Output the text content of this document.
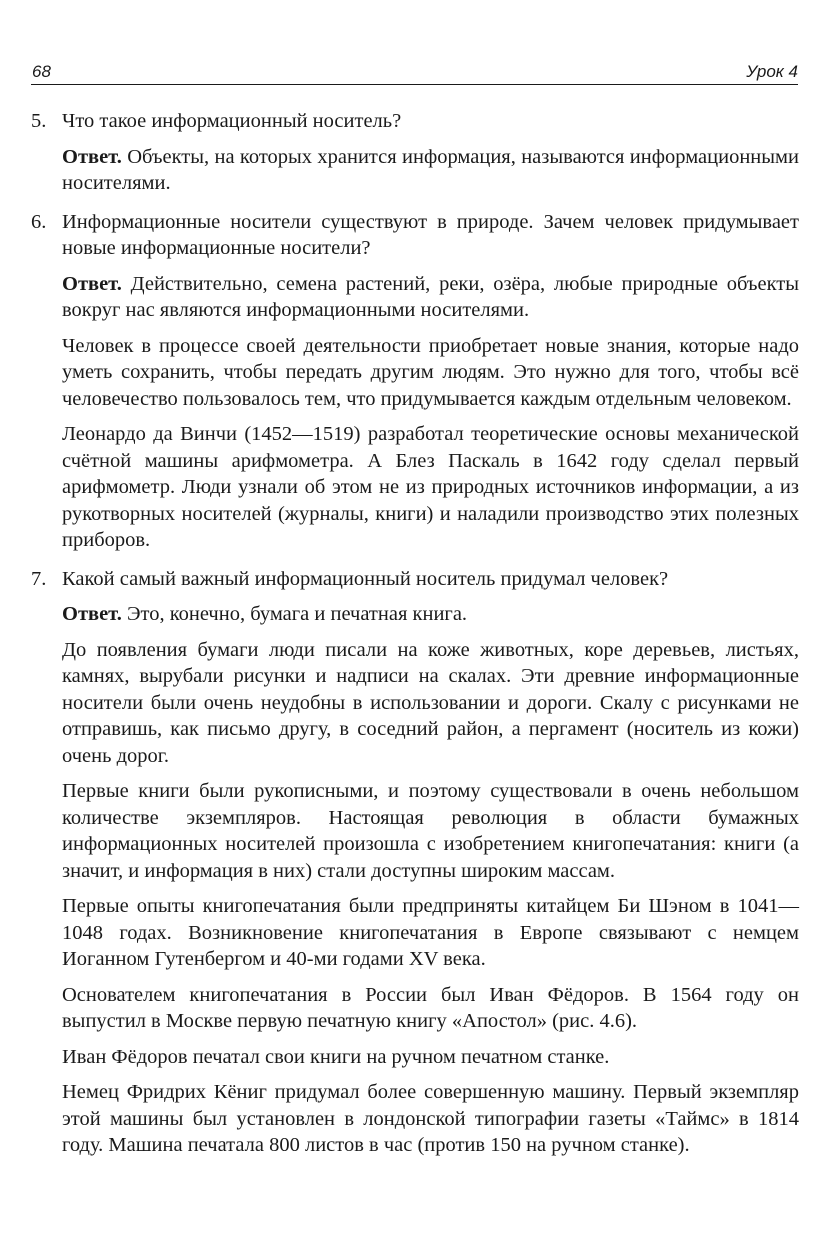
68	Урок 4
5. Что такое информационный носитель?
Ответ. Объекты, на которых хранится информация, называются информационными носителями.
6. Информационные носители существуют в природе. Зачем человек придумывает новые информационные носители?
Ответ. Действительно, семена растений, реки, озёра, любые природные объекты вокруг нас являются информационными носителями.
Человек в процессе своей деятельности приобретает новые знания, которые надо уметь сохранить, чтобы передать другим людям. Это нужно для того, чтобы всё человечество пользовалось тем, что придумывается каждым отдельным человеком.
Леонардо да Винчи (1452—1519) разработал теоретические основы механической счётной машины арифмометра. А Блез Паскаль в 1642 году сделал первый арифмометр. Люди узнали об этом не из природных источников информации, а из рукотворных носителей (журналы, книги) и наладили производство этих полезных приборов.
7. Какой самый важный информационный носитель придумал человек?
Ответ. Это, конечно, бумага и печатная книга.
До появления бумаги люди писали на коже животных, коре деревьев, листьях, камнях, вырубали рисунки и надписи на скалах. Эти древние информационные носители были очень неудобны в использовании и дороги. Скалу с рисунками не отправишь, как письмо другу, в соседний район, а пергамент (носитель из кожи) очень дорог.
Первые книги были рукописными, и поэтому существовали в очень небольшом количестве экземпляров. Настоящая революция в области бумажных информационных носителей произошла с изобретением книгопечатания: книги (а значит, и информация в них) стали доступны широким массам.
Первые опыты книгопечатания были предприняты китайцем Би Шэном в 1041—1048 годах. Возникновение книгопечатания в Европе связывают с немцем Иоганном Гутенбергом и 40-ми годами XV века.
Основателем книгопечатания в России был Иван Фёдоров. В 1564 году он выпустил в Москве первую печатную книгу «Апостол» (рис. 4.6).
Иван Фёдоров печатал свои книги на ручном печатном станке.
Немец Фридрих Кёниг придумал более совершенную машину. Первый экземпляр этой машины был установлен в лондонской типографии газеты «Таймс» в 1814 году. Машина печатала 800 листов в час (против 150 на ручном станке).
